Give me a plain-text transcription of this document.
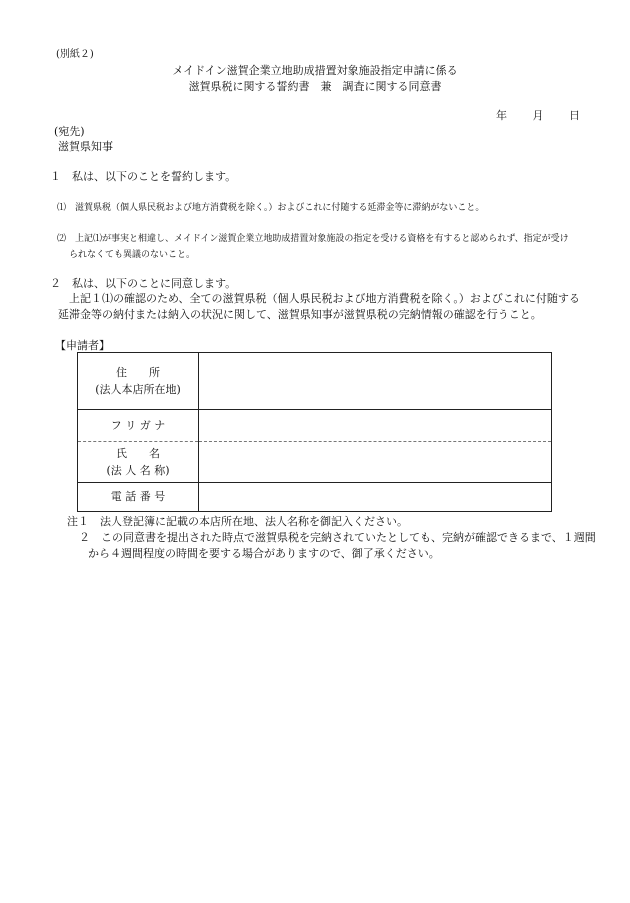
(別紙２)
メイドイン滋賀企業立地助成措置対象施設指定申請に係る
滋賀県税に関する誓約書　兼　調査に関する同意書
年 月 日
(宛先)
滋賀県知事
１　私は、以下のことを誓約します。
⑴　滋賀県税（個人県民税および地方消費税を除く。）およびこれに付随する延滞金等に滞納がないこと。
⑵　上記⑴が事実と相違し、メイドイン滋賀企業立地助成措置対象施設の指定を受ける資格を有すると認められず、指定が受け
られなくても異議のないこと。
２　私は、以下のことに同意します。
上記１⑴の確認のため、全ての滋賀県税（個人県民税および地方消費税を除く。）およびこれに付随する
延滞金等の納付または納入の状況に関して、滋賀県知事が滋賀県税の完納情報の確認を行うこと。
【申請者】
住　　所
(法人本店所在地)	

フ リ ガ ナ	

氏　　名
(法 人 名 称)	

電 話 番 号	
注１　法人登記簿に記載の本店所在地、法人名称を御記入ください。
２　この同意書を提出された時点で滋賀県税を完納されていたとしても、完納が確認できるまで、１週間
から４週間程度の時間を要する場合がありますので、御了承ください。
